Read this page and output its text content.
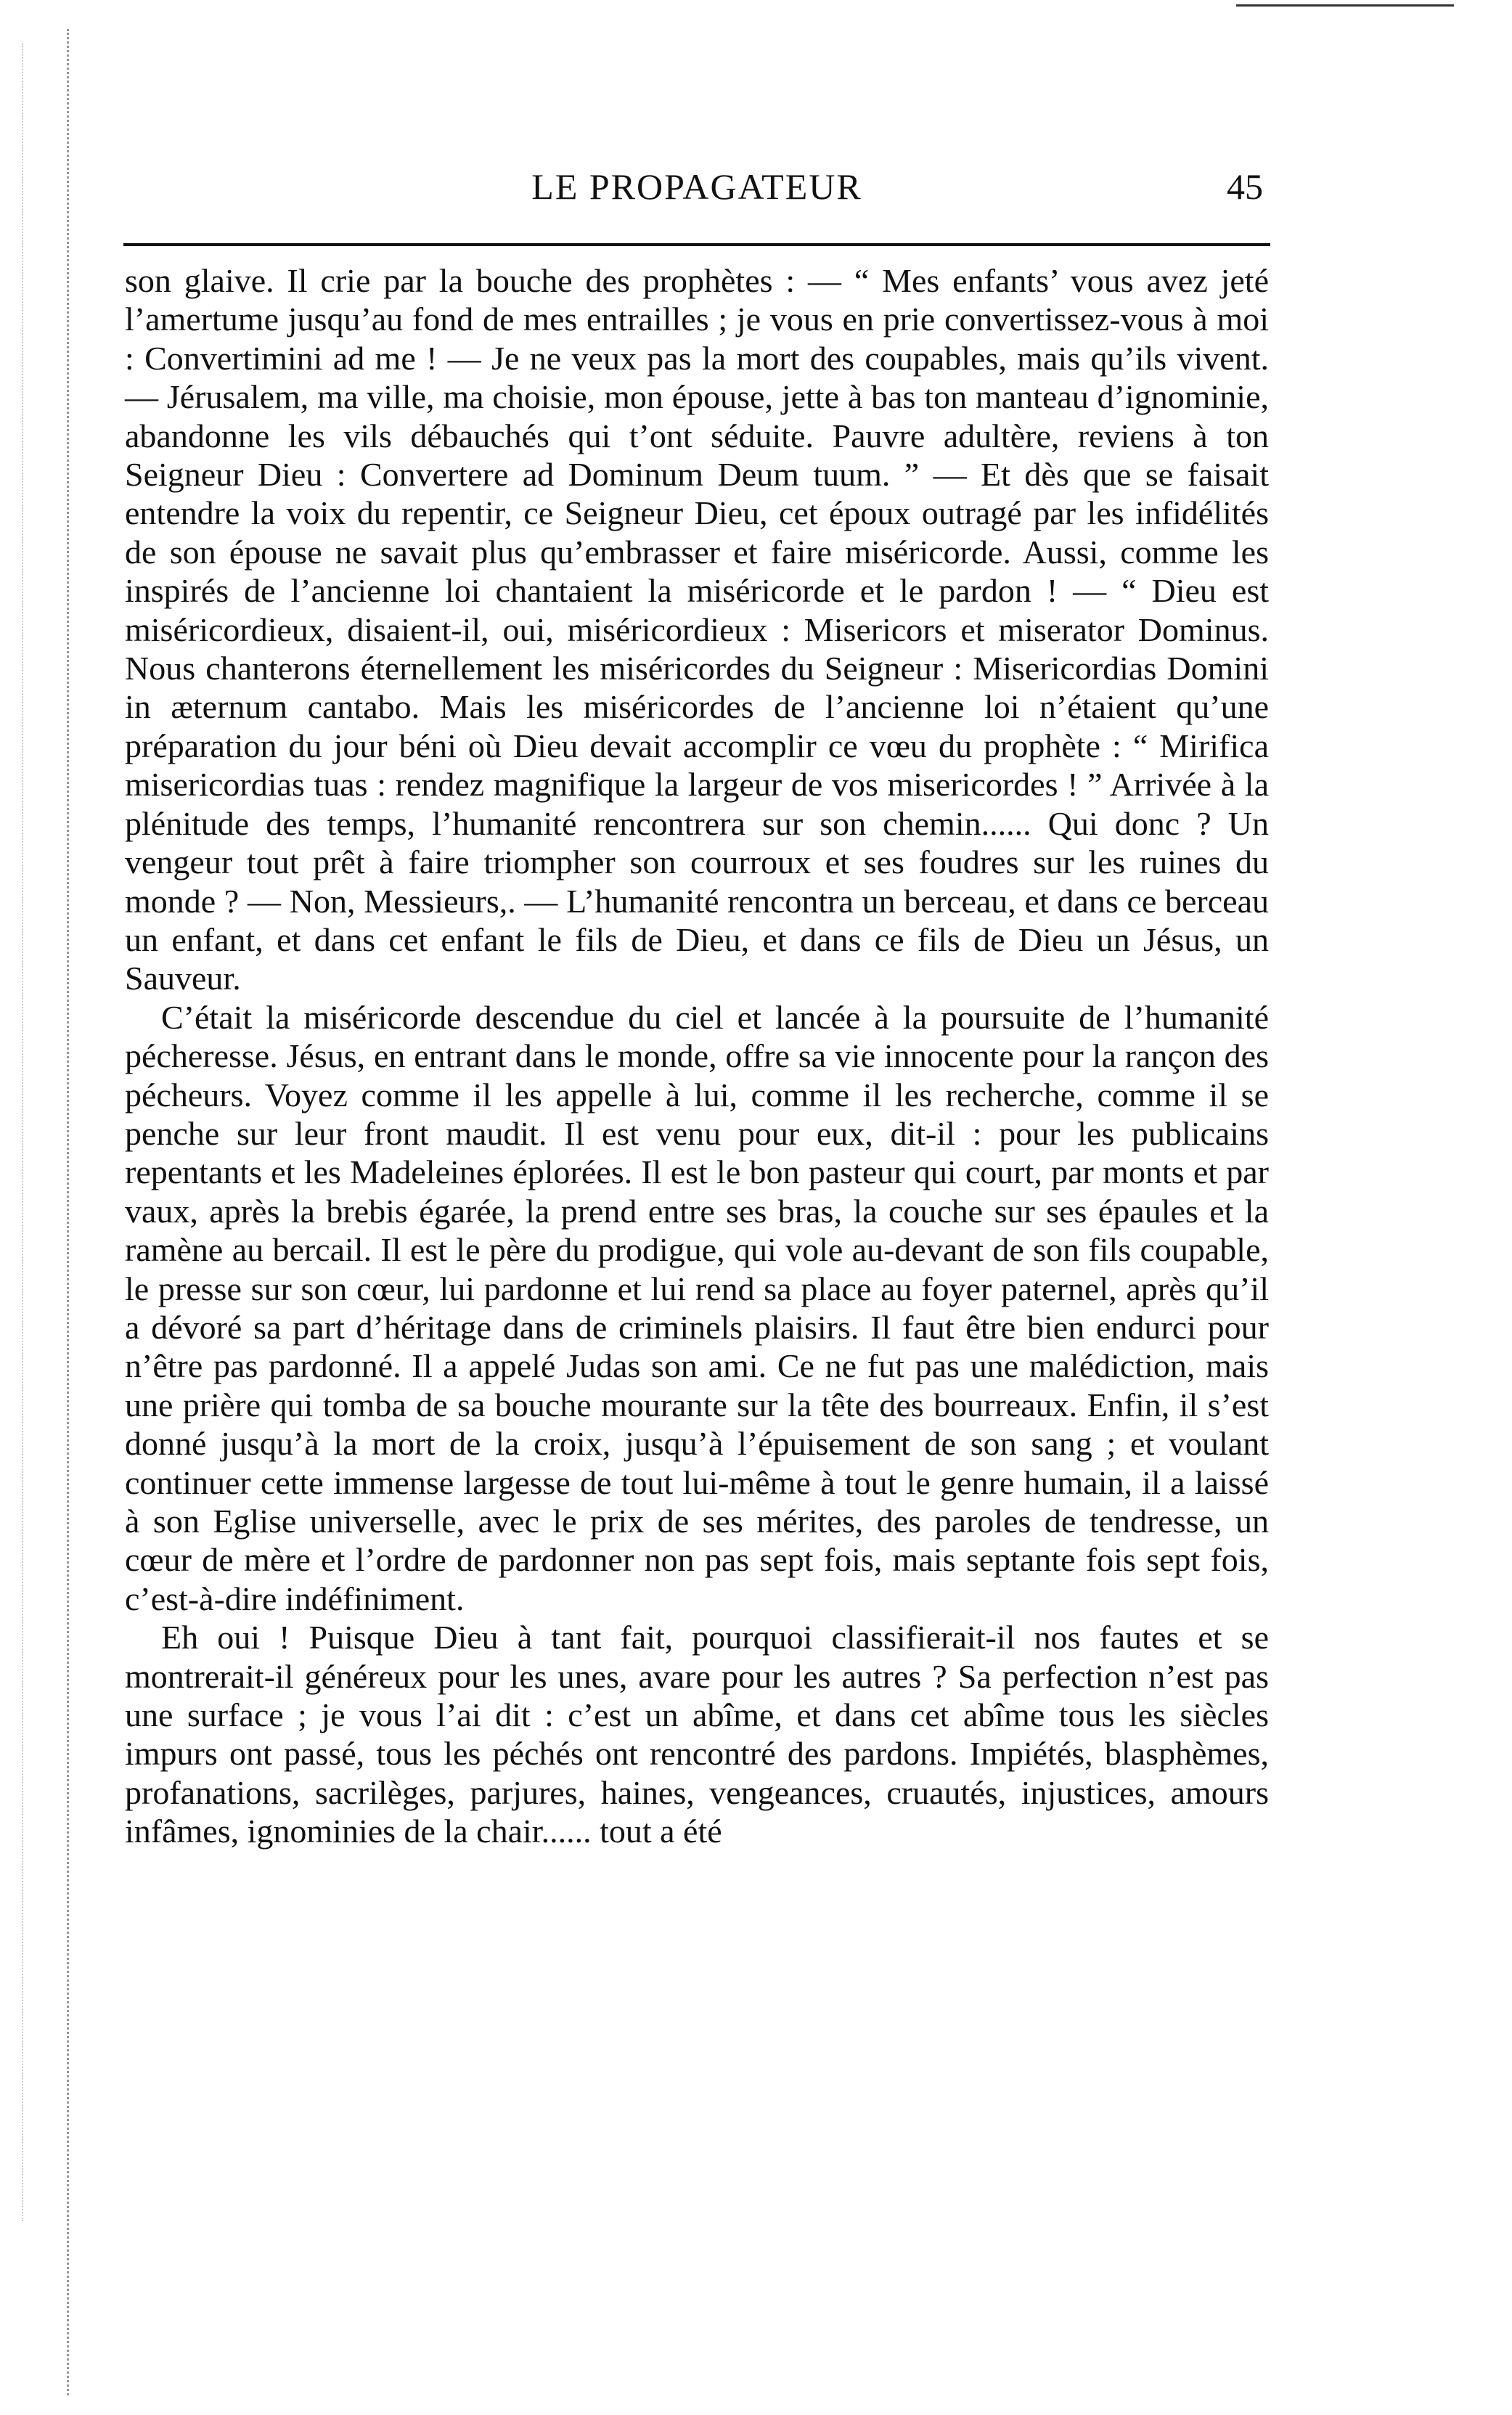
LE PROPAGATEUR	45

son glaive. Il crie par la bouche des prophètes : — “ Mes enfants’ vous avez jeté l’amertume jusqu’au fond de mes entrailles ; je vous en prie convertissez-vous à moi : Convertimini ad me ! — Je ne veux pas la mort des coupables, mais qu’ils vivent. — Jérusalem, ma ville, ma choisie, mon épouse, jette à bas ton manteau d’ignominie, abandonne les vils débauchés qui t’ont séduite. Pauvre adultère, reviens à ton Seigneur Dieu : Convertere ad Dominum Deum tuum. ” — Et dès que se faisait entendre la voix du repentir, ce Seigneur Dieu, cet époux outragé par les infidélités de son épouse ne savait plus qu’embrasser et faire miséricorde. Aussi, comme les inspirés de l’ancienne loi chantaient la miséricorde et le pardon ! — “ Dieu est miséricordieux, disaient-il, oui, miséricordieux : Misericors et miserator Dominus. Nous chanterons éternellement les miséricordes du Seigneur : Misericordias Domini in æternum cantabo. Mais les miséricordes de l’ancienne loi n’étaient qu’une préparation du jour béni où Dieu devait accomplir ce vœu du prophète : “ Mirifica misericordias tuas : rendez magnifique la largeur de vos misericordes ! ” Arrivée à la plénitude des temps, l’humanité rencontrera sur son chemin...... Qui donc ? Un vengeur tout prêt à faire triompher son courroux et ses foudres sur les ruines du monde ? — Non, Messieurs,. — L’humanité rencontra un berceau, et dans ce berceau un enfant, et dans cet enfant le fils de Dieu, et dans ce fils de Dieu un Jésus, un Sauveur.

C’était la miséricorde descendue du ciel et lancée à la poursuite de l’humanité pécheresse. Jésus, en entrant dans le monde, offre sa vie innocente pour la rançon des pécheurs. Voyez comme il les appelle à lui, comme il les recherche, comme il se penche sur leur front maudit. Il est venu pour eux, dit-il : pour les publicains repentants et les Madeleines éplorées. Il est le bon pasteur qui court, par monts et par vaux, après la brebis égarée, la prend entre ses bras, la couche sur ses épaules et la ramène au bercail. Il est le père du prodigue, qui vole au-devant de son fils coupable, le presse sur son cœur, lui pardonne et lui rend sa place au foyer paternel, après qu’il a dévoré sa part d’héritage dans de criminels plaisirs. Il faut être bien endurci pour n’être pas pardonné. Il a appelé Judas son ami. Ce ne fut pas une malédiction, mais une prière qui tomba de sa bouche mourante sur la tête des bourreaux. Enfin, il s’est donné jusqu’à la mort de la croix, jusqu’à l’épuisement de son sang ; et voulant continuer cette immense largesse de tout lui-même à tout le genre humain, il a laissé à son Eglise universelle, avec le prix de ses mérites, des paroles de tendresse, un cœur de mère et l’ordre de pardonner non pas sept fois, mais septante fois sept fois, c’est-à-dire indéfiniment.

Eh oui ! Puisque Dieu à tant fait, pourquoi classifierait-il nos fautes et se montrerait-il généreux pour les unes, avare pour les autres ? Sa perfection n’est pas une surface ; je vous l’ai dit : c’est un abîme, et dans cet abîme tous les siècles impurs ont passé, tous les péchés ont rencontré des pardons. Impiétés, blasphèmes, profanations, sacrilèges, parjures, haines, vengeances, cruautés, injustices, amours infâmes, ignominies de la chair...... tout a été
